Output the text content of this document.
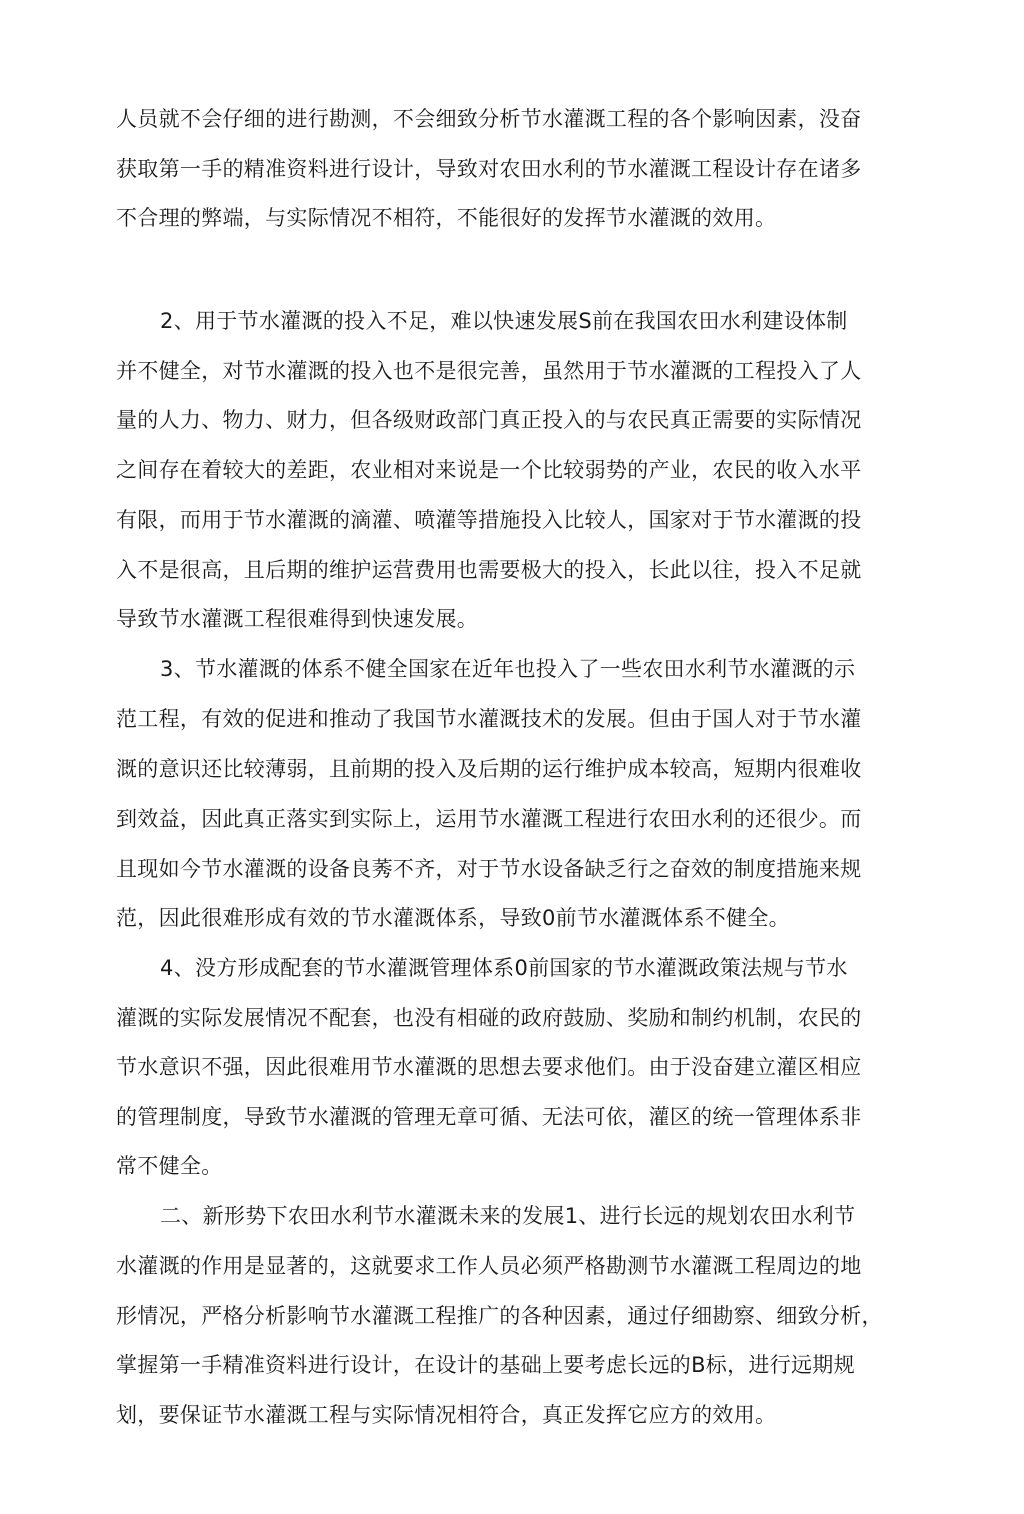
人员就不会仔细的进行勘测，不会细致分析节水灌溉工程的各个影响因素，没奋
获取第一手的精准资料进行设计，导致对农田水利的节水灌溉工程设计存在诸多
不合理的弊端，与实际情况不相符，不能很好的发挥节水灌溉的效用。
2、用于节水灌溉的投入不足，难以快速发展S前在我国农田水利建设体制
并不健全，对节水灌溉的投入也不是很完善，虽然用于节水灌溉的工程投入了人
量的人力、物力、财力，但各级财政部门真正投入的与农民真正需要的实际情况
之间存在着较大的差距，农业相对来说是一个比较弱势的产业，农民的收入水平
有限，而用于节水灌溉的滴灌、喷灌等措施投入比较人，国家对于节水灌溉的投
入不是很高，且后期的维护运营费用也需要极大的投入，长此以往，投入不足就
导致节水灌溉工程很难得到快速发展。
3、节水灌溉的体系不健全国家在近年也投入了一些农田水利节水灌溉的示
范工程，有效的促进和推动了我国节水灌溉技术的发展。但由于国人对于节水灌
溉的意识还比较薄弱，且前期的投入及后期的运行维护成本较高，短期内很难收
到效益，因此真正落实到实际上，运用节水灌溉工程进行农田水利的还很少。而
且现如今节水灌溉的设备良莠不齐，对于节水设备缺乏行之奋效的制度措施来规
范，因此很难形成有效的节水灌溉体系，导致0前节水灌溉体系不健全。
4、没方形成配套的节水灌溉管理体系0前国家的节水灌溉政策法规与节水
灌溉的实际发展情况不配套，也没有相碰的政府鼓励、奖励和制约机制，农民的
节水意识不强，因此很难用节水灌溉的思想去要求他们。由于没奋建立灌区相应
的管理制度，导致节水灌溉的管理无章可循、无法可依，灌区的统一管理体系非
常不健全。
二、新形势下农田水利节水灌溉未来的发展1、进行长远的规划农田水利节
水灌溉的作用是显著的，这就要求工作人员必须严格勘测节水灌溉工程周边的地
形情况，严格分析影响节水灌溉工程推广的各种因素，通过仔细勘察、细致分析，
掌握第一手精准资料进行设计，在设计的基础上要考虑长远的B标，进行远期规
划，要保证节水灌溉工程与实际情况相符合，真正发挥它应方的效用。
